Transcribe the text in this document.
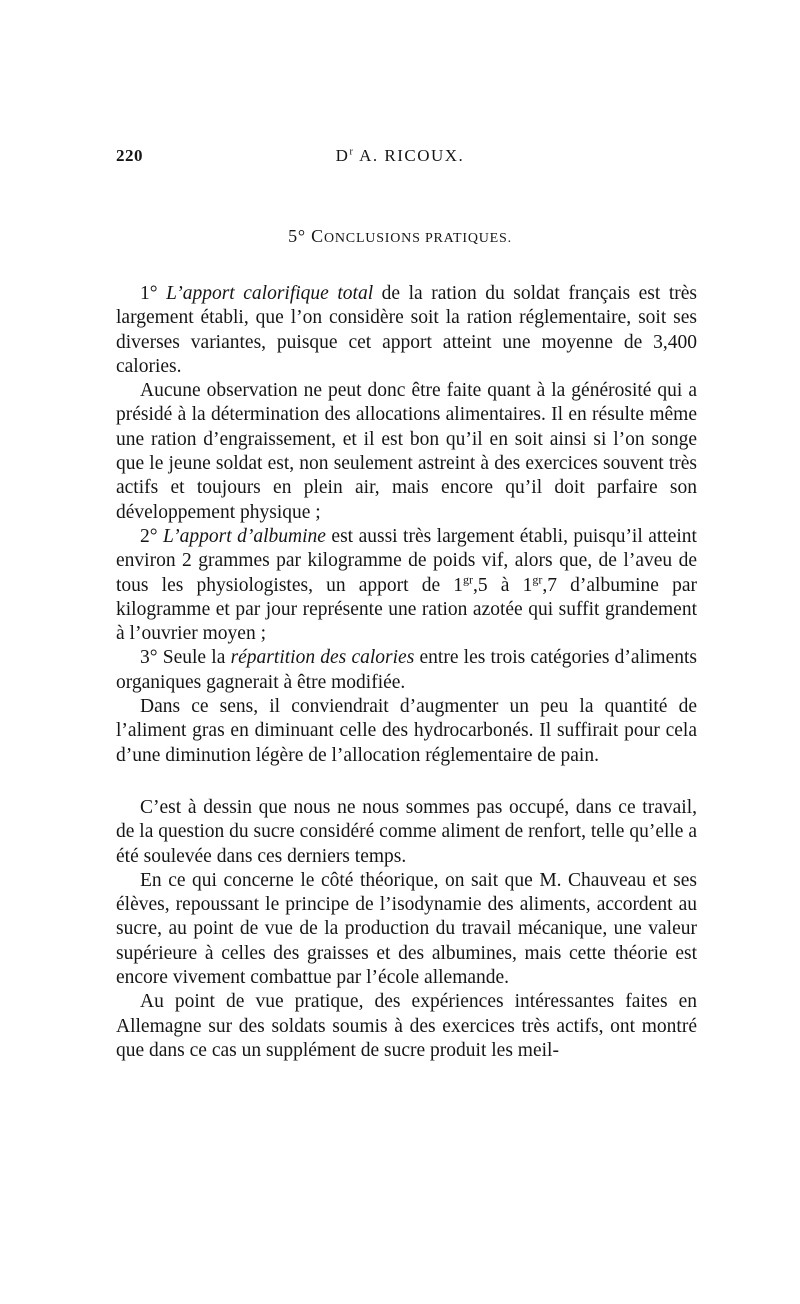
220	$D^r$ A. RICOUX.
5° CONCLUSIONS PRATIQUES.

1° L’apport calorifique total de la ration du soldat français est très largement établi, que l’on considère soit la ration réglementaire, soit ses diverses variantes, puisque cet apport atteint une moyenne de 3,400 calories.

Aucune observation ne peut donc être faite quant à la générosité qui a présidé à la détermination des allocations alimentaires. Il en résulte même une ration d’engraissement, et il est bon qu’il en soit ainsi si l’on songe que le jeune soldat est, non seulement astreint à des exercices souvent très actifs et toujours en plein air, mais encore qu’il doit parfaire son développement physique ;

2° L’apport d’albumine est aussi très largement établi, puisqu’il atteint environ 2 grammes par kilogramme de poids vif, alors que, de l’aveu de tous les physiologistes, un apport de $1^{gr},5$ à $1^{gr},7$ d’albumine par kilogramme et par jour représente une ration azotée qui suffit grandement à l’ouvrier moyen ;

3° Seule la répartition des calories entre les trois catégories d’aliments organiques gagnerait à être modifiée.

Dans ce sens, il conviendrait d’augmenter un peu la quantité de l’aliment gras en diminuant celle des hydrocarbonés. Il suffirait pour cela d’une diminution légère de l’allocation réglementaire de pain.

C’est à dessin que nous ne nous sommes pas occupé, dans ce travail, de la question du sucre considéré comme aliment de renfort, telle qu’elle a été soulevée dans ces derniers temps.

En ce qui concerne le côté théorique, on sait que M. Chauveau et ses élèves, repoussant le principe de l’isodynamie des aliments, accordent au sucre, au point de vue de la production du travail mécanique, une valeur supérieure à celles des graisses et des albumines, mais cette théorie est encore vivement combattue par l’école allemande.

Au point de vue pratique, des expériences intéressantes faites en Allemagne sur des soldats soumis à des exercices très actifs, ont montré que dans ce cas un supplément de sucre produit les meil-
